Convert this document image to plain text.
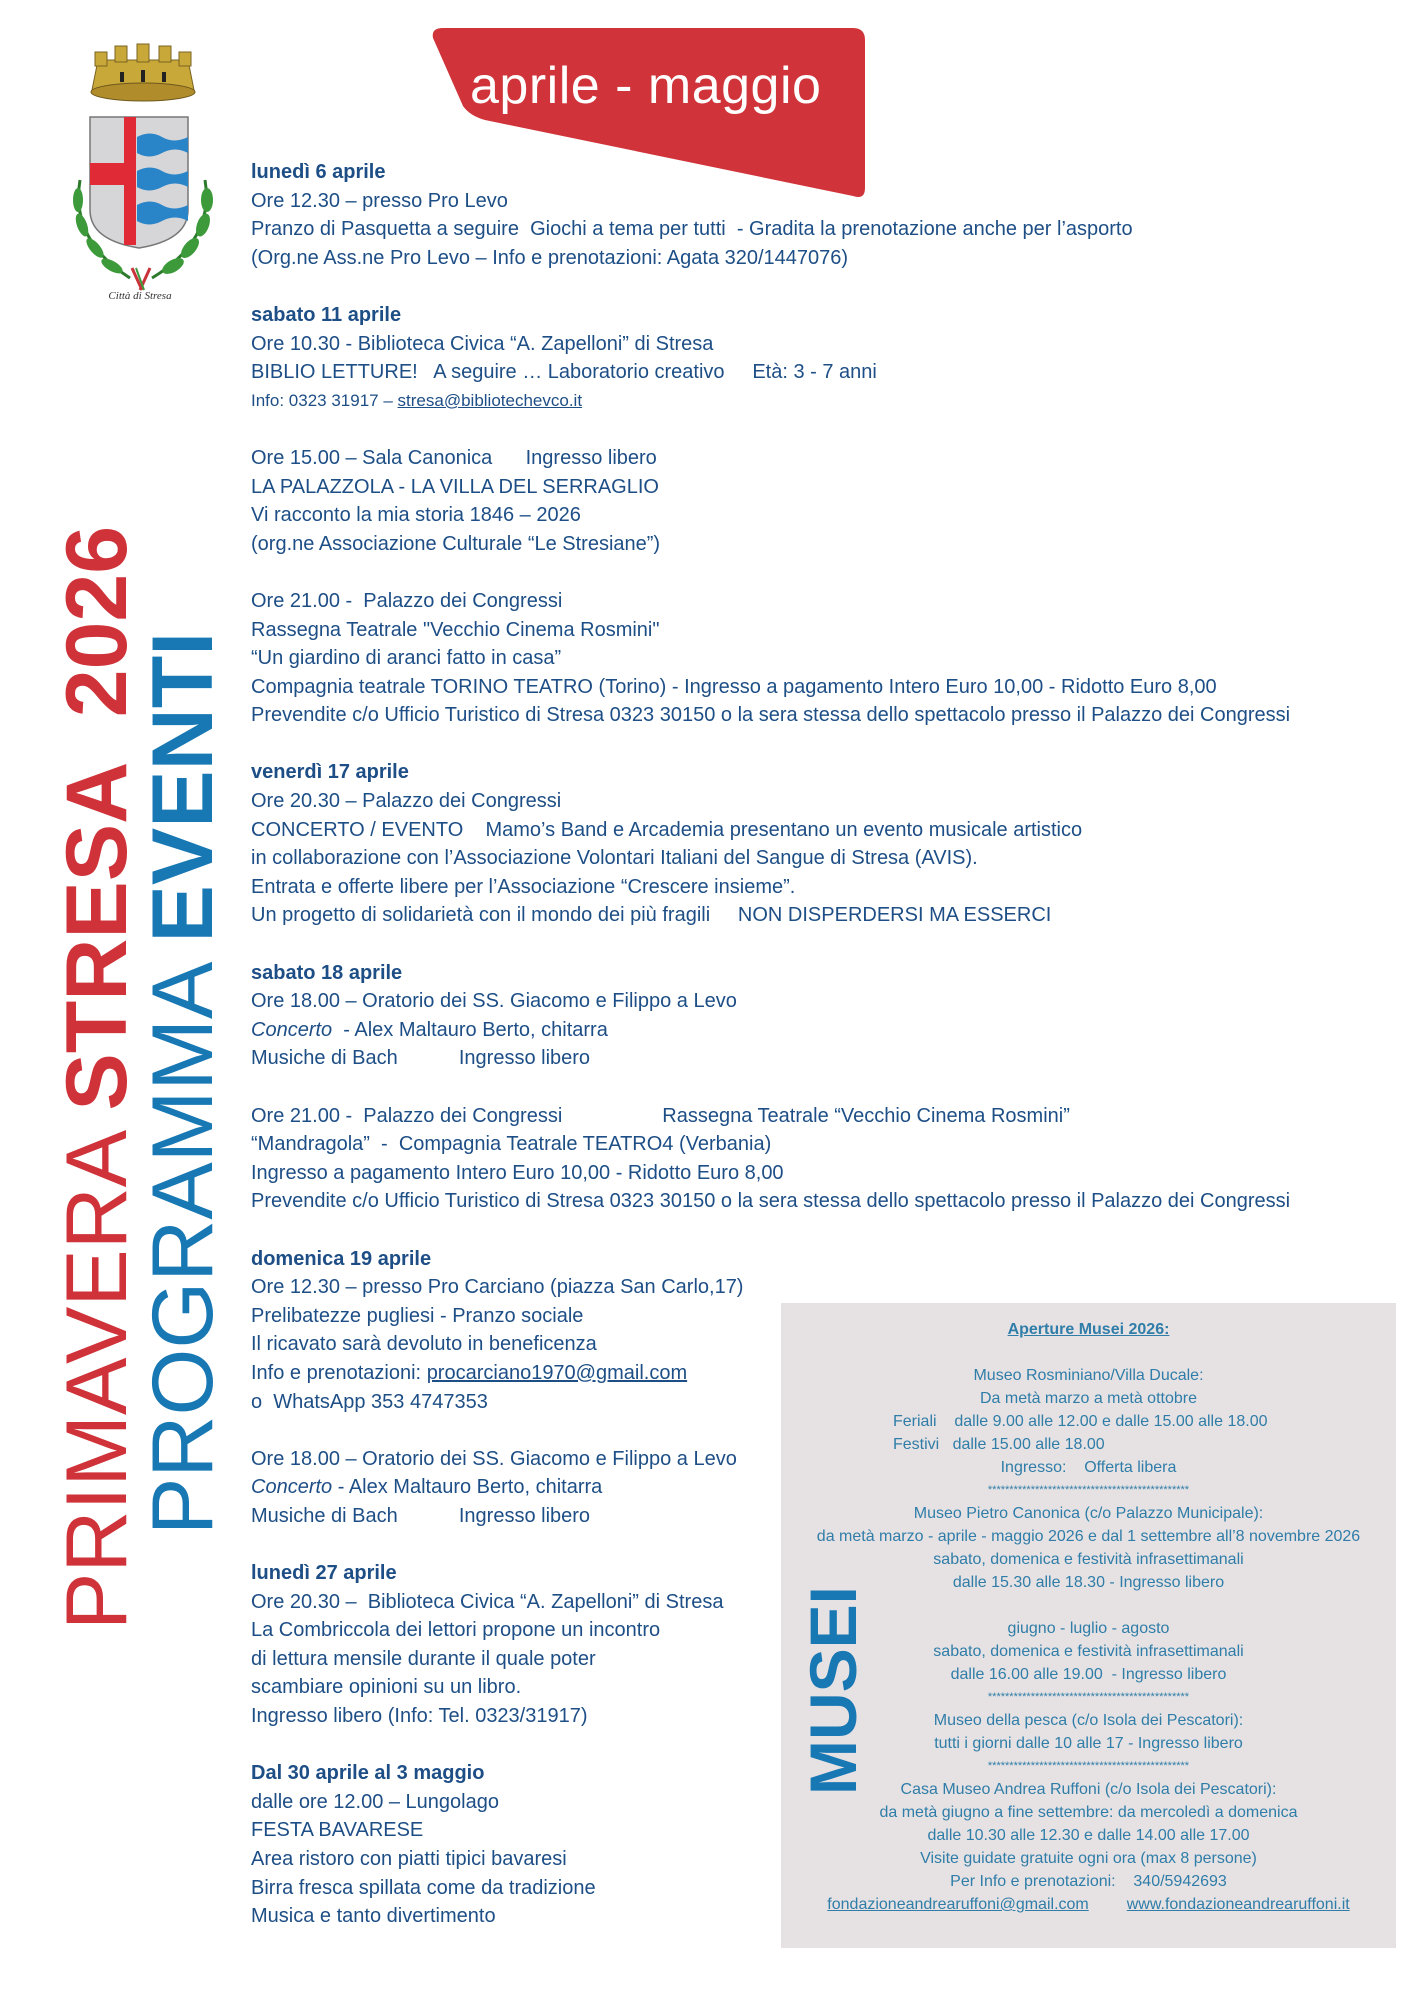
Città di Stresa
aprile - maggio
PRIMAVERA STRESA  2026
PROGRAMMA EVENTI
lunedì 6 aprile
Ore 12.30 – presso Pro Levo
Pranzo di Pasquetta a seguire  Giochi a tema per tutti  - Gradita la prenotazione anche per l’asporto
(Org.ne Ass.ne Pro Levo – Info e prenotazioni: Agata 320/1447076)
sabato 11 aprile
Ore 10.30 - Biblioteca Civica “A. Zapelloni” di Stresa
BIBLIO LETTURE!   A seguire … Laboratorio creativo     Età: 3 - 7 anni
Info: 0323 31917 – stresa@bibliotechevco.it
Ore 15.00 – Sala Canonica      Ingresso libero
LA PALAZZOLA - LA VILLA DEL SERRAGLIO
Vi racconto la mia storia 1846 – 2026
(org.ne Associazione Culturale “Le Stresiane”)
Ore 21.00 -  Palazzo dei Congressi
Rassegna Teatrale "Vecchio Cinema Rosmini"
“Un giardino di aranci fatto in casa”
Compagnia teatrale TORINO TEATRO (Torino) - Ingresso a pagamento Intero Euro 10,00 - Ridotto Euro 8,00
Prevendite c/o Ufficio Turistico di Stresa 0323 30150 o la sera stessa dello spettacolo presso il Palazzo dei Congressi
venerdì 17 aprile
Ore 20.30 – Palazzo dei Congressi
CONCERTO / EVENTO    Mamo’s Band e Arcademia presentano un evento musicale artistico
in collaborazione con l’Associazione Volontari Italiani del Sangue di Stresa (AVIS).
Entrata e offerte libere per l’Associazione “Crescere insieme”.
Un progetto di solidarietà con il mondo dei più fragili     NON DISPERDERSI MA ESSERCI
sabato 18 aprile
Ore 18.00 – Oratorio dei SS. Giacomo e Filippo a Levo
Concerto  - Alex Maltauro Berto, chitarra
Musiche di Bach           Ingresso libero
Ore 21.00 -  Palazzo dei Congressi                  Rassegna Teatrale “Vecchio Cinema Rosmini”
“Mandragola”  -  Compagnia Teatrale TEATRO4 (Verbania)
Ingresso a pagamento Intero Euro 10,00 - Ridotto Euro 8,00
Prevendite c/o Ufficio Turistico di Stresa 0323 30150 o la sera stessa dello spettacolo presso il Palazzo dei Congressi
domenica 19 aprile
Ore 12.30 – presso Pro Carciano (piazza San Carlo,17)
Prelibatezze pugliesi - Pranzo sociale
Il ricavato sarà devoluto in beneficenza
Info e prenotazioni: procarciano1970@gmail.com
o  WhatsApp 353 4747353
Ore 18.00 – Oratorio dei SS. Giacomo e Filippo a Levo
Concerto - Alex Maltauro Berto, chitarra
Musiche di Bach           Ingresso libero
lunedì 27 aprile
Ore 20.30 –  Biblioteca Civica “A. Zapelloni” di Stresa
La Combriccola dei lettori propone un incontro
di lettura mensile durante il quale poter
scambiare opinioni su un libro.
Ingresso libero (Info: Tel. 0323/31917)
Dal 30 aprile al 3 maggio
dalle ore 12.00 – Lungolago
FESTA BAVARESE
Area ristoro con piatti tipici bavaresi
Birra fresca spillata come da tradizione
Musica e tanto divertimento
MUSEI
Aperture Musei 2026:
Museo Rosminiano/Villa Ducale:
Da metà marzo a metà ottobre
Feriali    dalle 9.00 alle 12.00 e dalle 15.00 alle 18.00
Festivi   dalle 15.00 alle 18.00
Ingresso:    Offerta libera
***********************************************
Museo Pietro Canonica (c/o Palazzo Municipale):
da metà marzo - aprile - maggio 2026 e dal 1 settembre all’8 novembre 2026
sabato, domenica e festività infrasettimanali
dalle 15.30 alle 18.30 - Ingresso libero
giugno - luglio - agosto
sabato, domenica e festività infrasettimanali
dalle 16.00 alle 19.00  - Ingresso libero
***********************************************
Museo della pesca (c/o Isola dei Pescatori):
tutti i giorni dalle 10 alle 17 - Ingresso libero
***********************************************
Casa Museo Andrea Ruffoni (c/o Isola dei Pescatori):
da metà giugno a fine settembre: da mercoledì a domenica
dalle 10.30 alle 12.30 e dalle 14.00 alle 17.00
Visite guidate gratuite ogni ora (max 8 persone)
Per Info e prenotazioni:    340/5942693
fondazioneandrearuffoni@gmail.com www.fondazioneandrearuffoni.it
